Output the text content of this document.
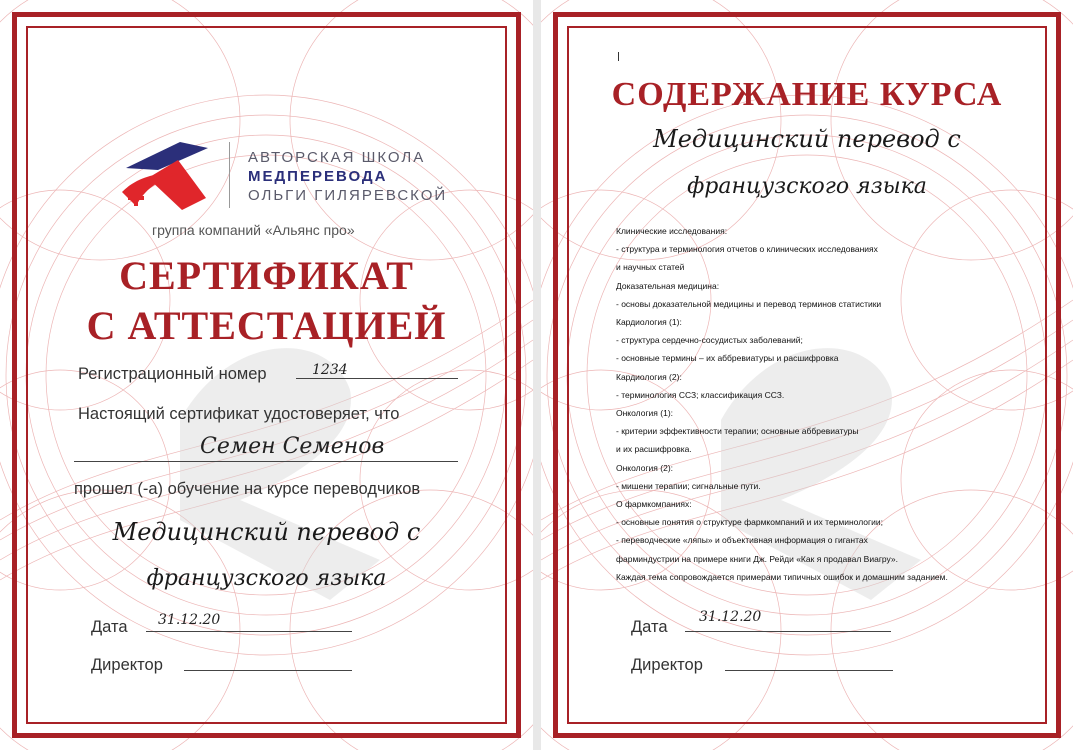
АВТОРСКАЯ ШКОЛА
МЕДПЕРЕВОДА
ОЛЬГИ ГИЛЯРЕВСКОЙ
группа компаний «Альянс про»
СЕРТИФИКАТ
С АТТЕСТАЦИЕЙ
Регистрационный номер	1234
Настоящий сертификат удостоверяет, что
Семен Семенов
прошел (-а) обучение на курсе переводчиков
Медицинский перевод с
французского языка
Дата 31.12.20
Директор
СОДЕРЖАНИЕ КУРСА
Медицинский перевод с
французского языка
Клинические исследования:
- структура и терминология отчетов о клинических исследованиях
и научных статей
Доказательная медицина:
- основы доказательной медицины и перевод терминов статистики
Кардиология (1):
- структура сердечно-сосудистых заболеваний;
- основные термины – их аббревиатуры и расшифровка
Кардиология (2):
- терминология ССЗ; классификация ССЗ.
Онкология (1):
- критерии эффективности терапии; основные аббревиатуры
и их расшифровка.
Онкология (2):
- мишени терапии; сигнальные пути.
О фармкомпаниях:
- основные понятия о структуре фармкомпаний и их терминологии;
- переводческие «ляпы» и объективная информация о гигантах
фарминдустрии на примере книги Дж. Рейди «Как я продавал Виагру».
Каждая тема сопровождается примерами типичных ошибок и домашним заданием.
Дата
31.12.20
Директор
